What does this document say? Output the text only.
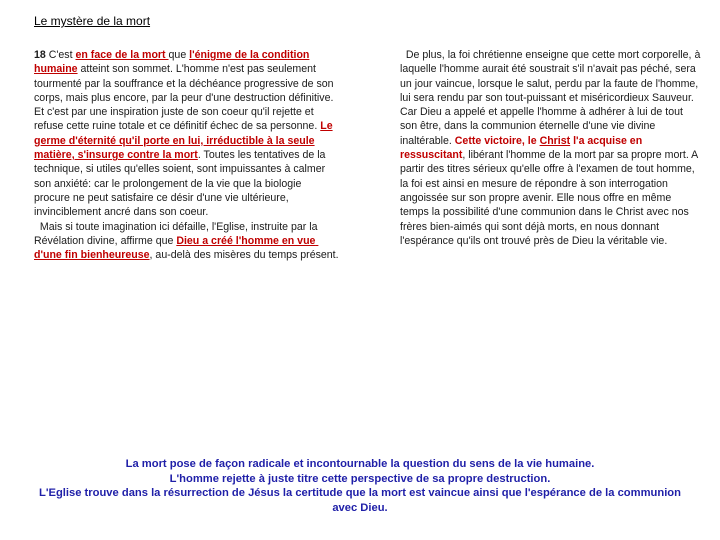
Le mystère de la mort

18 C'est en face de la mort que l'énigme de la condition humaine atteint son sommet. L'homme n'est pas seulement tourmenté par la souffrance et la déchéance progressive de son corps, mais plus encore, par la peur d'une destruction définitive. Et c'est par une inspiration juste de son coeur qu'il rejette et refuse cette ruine totale et ce définitif échec de sa personne. Le germe d'éternité qu'il porte en lui, irréductible à la seule matière, s'insurge contre la mort. Toutes les tentatives de la technique, si utiles qu'elles soient, sont impuissantes à calmer son anxiété: car le prolongement de la vie que la biologie procure ne peut satisfaire ce désir d'une vie ultérieure, invinciblement ancré dans son coeur.

Mais si toute imagination ici défaille, l'Eglise, instruite par la Révélation divine, affirme que Dieu a créé l'homme en vue d'une fin bienheureuse, au-delà des misères du temps présent.

De plus, la foi chrétienne enseigne que cette mort corporelle, à laquelle l'homme aurait été soustrait s'il n'avait pas péché, sera un jour vaincue, lorsque le salut, perdu par la faute de l'homme, lui sera rendu par son tout-puissant et miséricordieux Sauveur. Car Dieu a appelé et appelle l'homme à adhérer à lui de tout son être, dans la communion éternelle d'une vie divine inaltérable. Cette victoire, le Christ l'a acquise en ressuscitant, libérant l'homme de la mort par sa propre mort. A partir des titres sérieux qu'elle offre à l'examen de tout homme, la foi est ainsi en mesure de répondre à son interrogation angoissée sur son propre avenir. Elle nous offre en même temps la possibilité d'une communion dans le Christ avec nos frères bien-aimés qui sont déjà morts, en nous donnant l'espérance qu'ils ont trouvé près de Dieu la véritable vie.

La mort pose de façon radicale et incontournable la question du sens de la vie humaine.
L'homme rejette à juste titre cette perspective de sa propre destruction.
L'Eglise trouve dans la résurrection de Jésus la certitude que la mort est vaincue ainsi que l'espérance de la communion avec Dieu.
